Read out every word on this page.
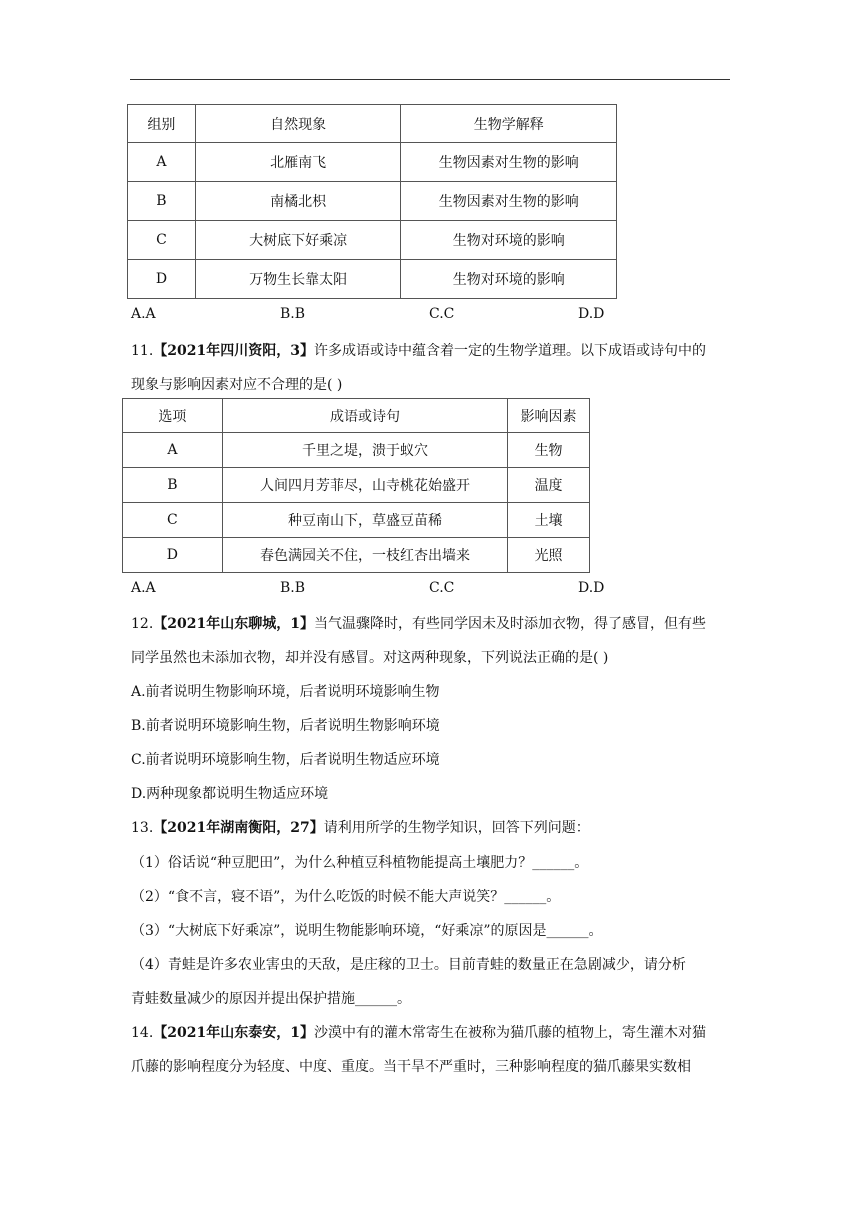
组别	自然现象	生物学解释
A	北雁南飞	生物因素对生物的影响
B	南橘北枳	生物因素对生物的影响
C	大树底下好乘凉	生物对环境的影响
D	万物生长靠太阳	生物对环境的影响
A.A	B.B	C.C	D.D
11.【2021年四川资阳，3】许多成语或诗中蕴含着一定的生物学道理。以下成语或诗句中的
现象与影响因素对应不合理的是( )
选项	成语或诗句	影响因素
A	千里之堤，溃于蚁穴	生物
B	人间四月芳菲尽，山寺桃花始盛开	温度
C	种豆南山下，草盛豆苗稀	土壤
D	春色满园关不住，一枝红杏出墙来	光照
A.A	B.B	C.C	D.D
12.【2021年山东聊城，1】当气温骤降时，有些同学因未及时添加衣物，得了感冒，但有些
同学虽然也未添加衣物，却并没有感冒。对这两种现象，下列说法正确的是( )
A.前者说明生物影响环境，后者说明环境影响生物
B.前者说明环境影响生物，后者说明生物影响环境
C.前者说明环境影响生物，后者说明生物适应环境
D.两种现象都说明生物适应环境
13.【2021年湖南衡阳，27】请利用所学的生物学知识，回答下列问题：
（1）俗话说“种豆肥田”，为什么种植豆科植物能提高土壤肥力？______。
（2）“食不言，寝不语”，为什么吃饭的时候不能大声说笑？______。
（3）“大树底下好乘凉”，说明生物能影响环境，“好乘凉”的原因是______。
（4）青蛙是许多农业害虫的天敌，是庄稼的卫士。目前青蛙的数量正在急剧减少，请分析
青蛙数量减少的原因并提出保护措施______。
14.【2021年山东泰安，1】沙漠中有的灌木常寄生在被称为猫爪藤的植物上，寄生灌木对猫
爪藤的影响程度分为轻度、中度、重度。当干旱不严重时，三种影响程度的猫爪藤果实数相
